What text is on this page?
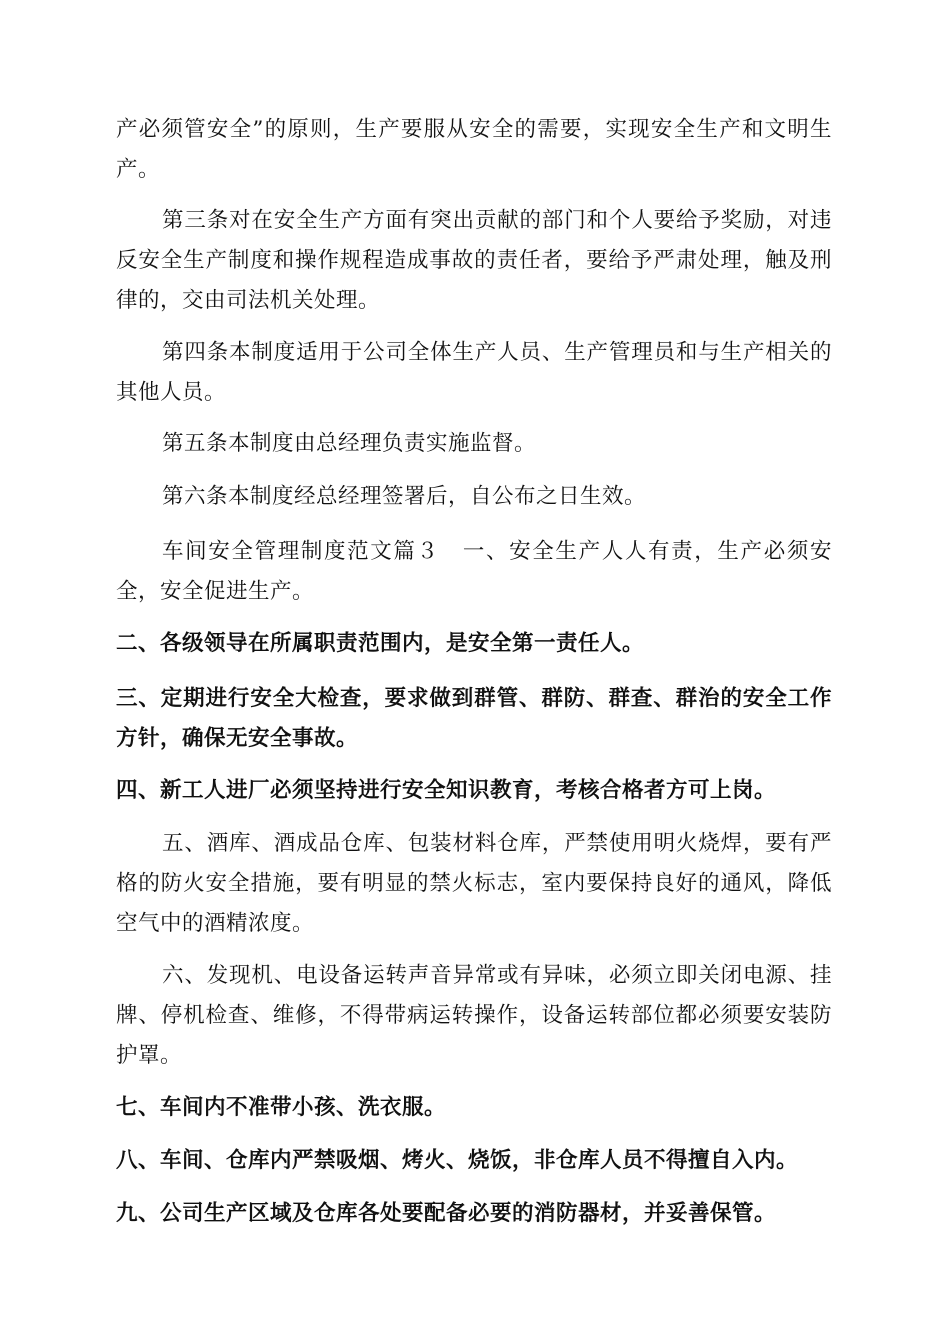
产必须管安全”的原则，生产要服从安全的需要，实现安全生产和文明生产。

第三条对在安全生产方面有突出贡献的部门和个人要给予奖励，对违反安全生产制度和操作规程造成事故的责任者，要给予严肃处理，触及刑律的，交由司法机关处理。

第四条本制度适用于公司全体生产人员、生产管理员和与生产相关的其他人员。

第五条本制度由总经理负责实施监督。

第六条本制度经总经理签署后，自公布之日生效。

车间安全管理制度范文篇３　一、安全生产人人有责，生产必须安全，安全促进生产。

二、各级领导在所属职责范围内，是安全第一责任人。

三、定期进行安全大检查，要求做到群管、群防、群查、群治的安全工作方针，确保无安全事故。

四、新工人进厂必须坚持进行安全知识教育，考核合格者方可上岗。

五、酒库、酒成品仓库、包装材料仓库，严禁使用明火烧焊，要有严格的防火安全措施，要有明显的禁火标志，室内要保持良好的通风，降低空气中的酒精浓度。

六、发现机、电设备运转声音异常或有异味，必须立即关闭电源、挂牌、停机检查、维修，不得带病运转操作，设备运转部位都必须要安装防护罩。

七、车间内不准带小孩、洗衣服。

八、车间、仓库内严禁吸烟、烤火、烧饭，非仓库人员不得擅自入内。

九、公司生产区域及仓库各处要配备必要的消防器材，并妥善保管。
